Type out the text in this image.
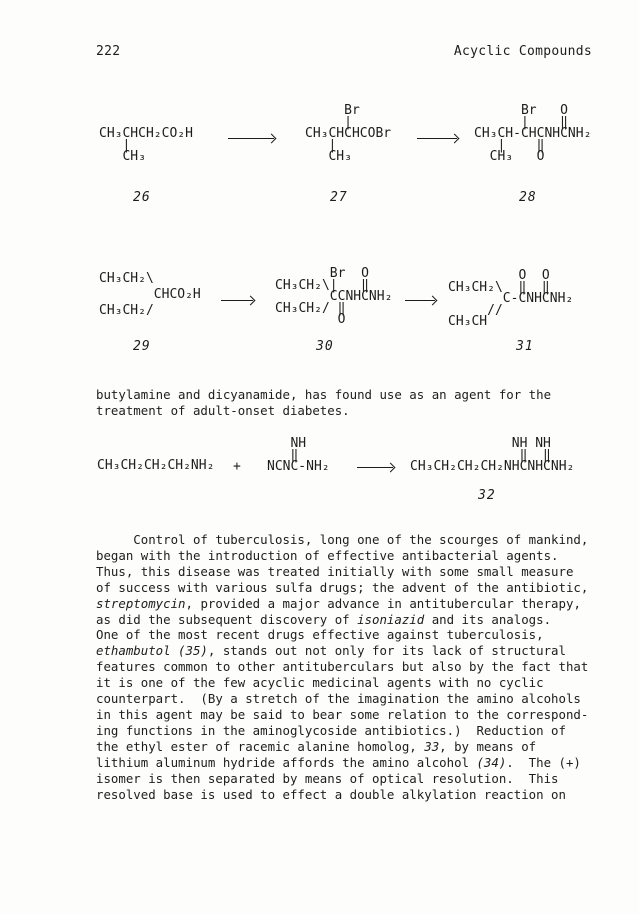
222	Acyclic Compounds
CH₃CHCH₂CO₂H
|
CH₃
Br
|
CH₃CHCHCOBr
|
CH₃
Br   O
|    ‖
CH₃CH-CHCNHCNH₂
|    ‖
CH₃   O
26	27	28
CH₃CH₂\
CHCO₂H
CH₃CH₂/
Br  O
CH₃CH₂\|   ‖
CCNHCNH₂
CH₃CH₂/ ‖
O
O  O
CH₃CH₂\  ‖  ‖
C-CNHCNH₂
//
CH₃CH
29	30	31
butylamine and dicyanamide, has found use as an agent for the
treatment of adult-onset diabetes.
CH₃CH₂CH₂CH₂NH₂ +
NH
‖
NCNC-NH₂
NH NH
‖  ‖
CH₃CH₂CH₂CH₂NHCNHCNH₂
32
Control of tuberculosis, long one of the scourges of mankind,
began with the introduction of effective antibacterial agents.
Thus, this disease was treated initially with some small measure
of success with various sulfa drugs; the advent of the antibiotic,
streptomycin, provided a major advance in antitubercular therapy,
as did the subsequent discovery of isoniazid and its analogs.
One of the most recent drugs effective against tuberculosis,
ethambutol (35), stands out not only for its lack of structural
features common to other antituberculars but also by the fact that
it is one of the few acyclic medicinal agents with no cyclic
counterpart.  (By a stretch of the imagination the amino alcohols
in this agent may be said to bear some relation to the correspond-
ing functions in the aminoglycoside antibiotics.)  Reduction of
the ethyl ester of racemic alanine homolog, 33, by means of
lithium aluminum hydride affords the amino alcohol (34).  The (+)
isomer is then separated by means of optical resolution.  This
resolved base is used to effect a double alkylation reaction on
